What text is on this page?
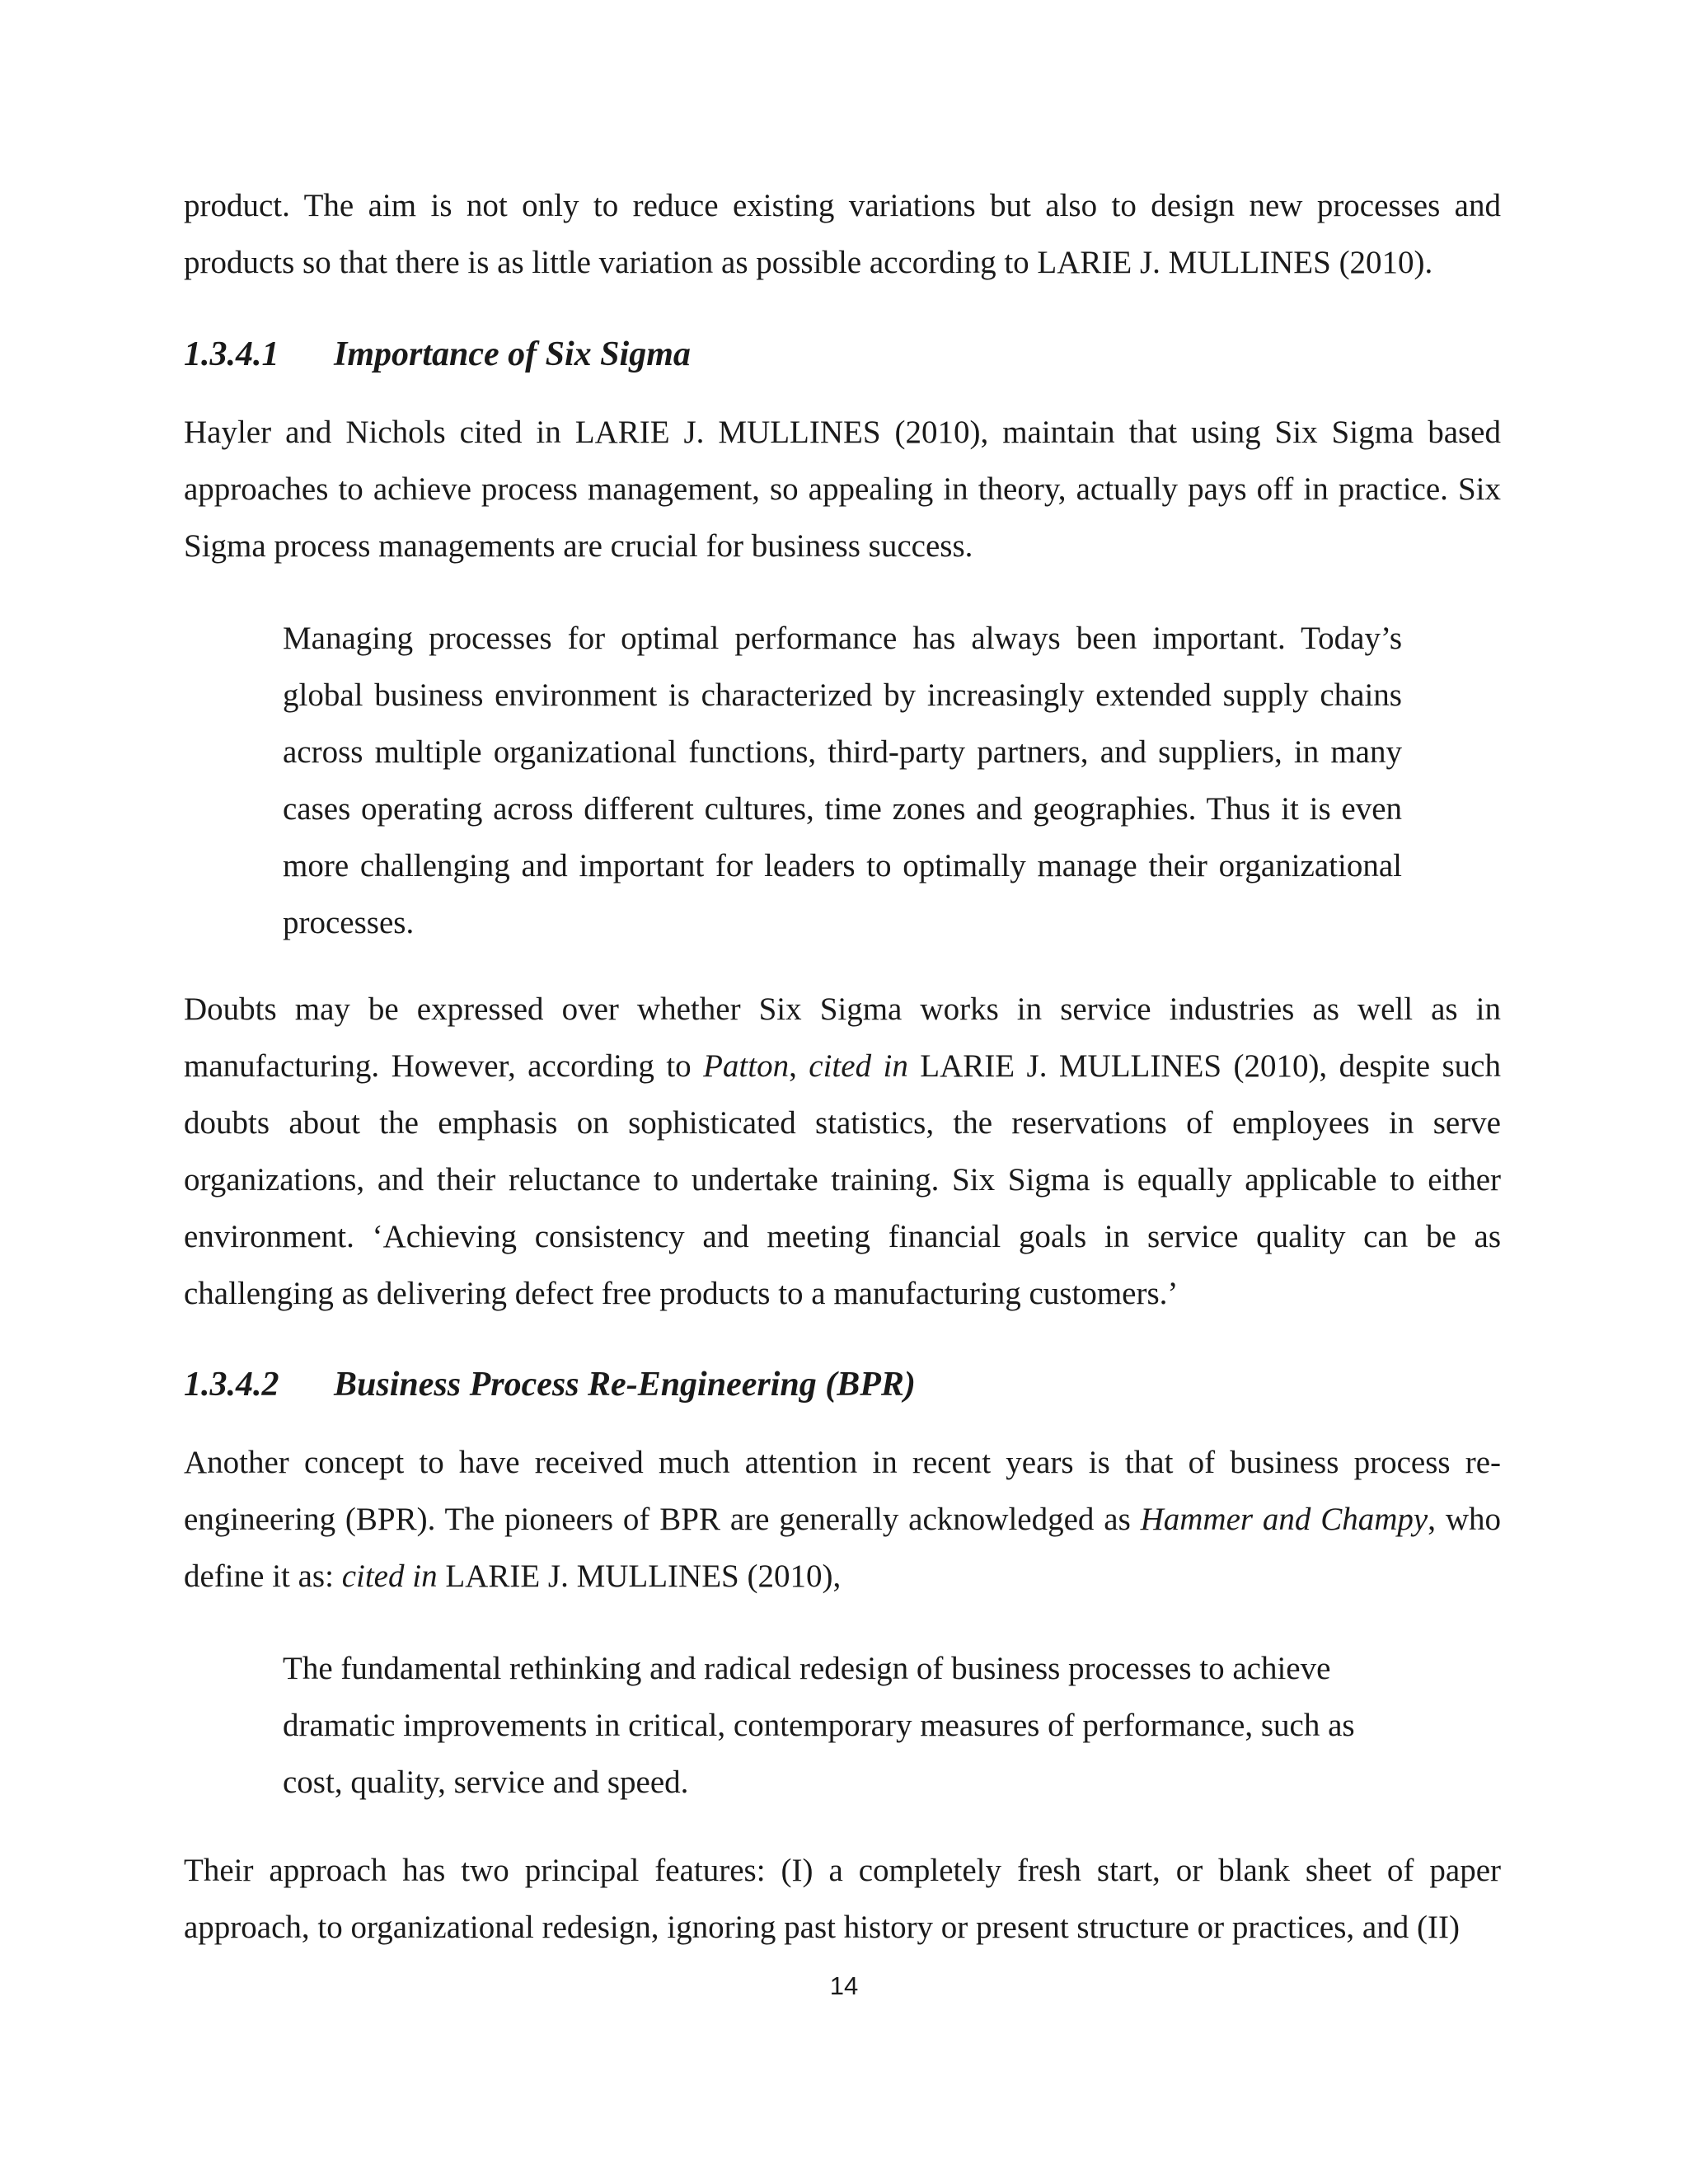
product. The aim is not only to reduce existing variations but also to design new processes and products so that there is as little variation as possible according to LARIE J. MULLINES (2010).

1.3.4.1 Importance of Six Sigma

Hayler and Nichols cited in LARIE J. MULLINES (2010), maintain that using Six Sigma based approaches to achieve process management, so appealing in theory, actually pays off in practice. Six Sigma process managements are crucial for business success.

Managing processes for optimal performance has always been important. Today’s global business environment is characterized by increasingly extended supply chains across multiple organizational functions, third-party partners, and suppliers, in many cases operating across different cultures, time zones and geographies. Thus it is even more challenging and important for leaders to optimally manage their organizational processes.

Doubts may be expressed over whether Six Sigma works in service industries as well as in manufacturing. However, according to Patton, cited in LARIE J. MULLINES (2010), despite such doubts about the emphasis on sophisticated statistics, the reservations of employees in serve organizations, and their reluctance to undertake training. Six Sigma is equally applicable to either environment. ‘Achieving consistency and meeting financial goals in service quality can be as challenging as delivering defect free products to a manufacturing customers.’

1.3.4.2 Business Process Re-Engineering (BPR)

Another concept to have received much attention in recent years is that of business process re-engineering (BPR). The pioneers of BPR are generally acknowledged as Hammer and Champy, who define it as: cited in LARIE J. MULLINES (2010),

The fundamental rethinking and radical redesign of business processes to achieve

dramatic improvements in critical, contemporary measures of performance, such as

cost, quality, service and speed.

Their approach has two principal features: (I) a completely fresh start, or blank sheet of paper approach, to organizational redesign, ignoring past history or present structure or practices, and (II)

14
